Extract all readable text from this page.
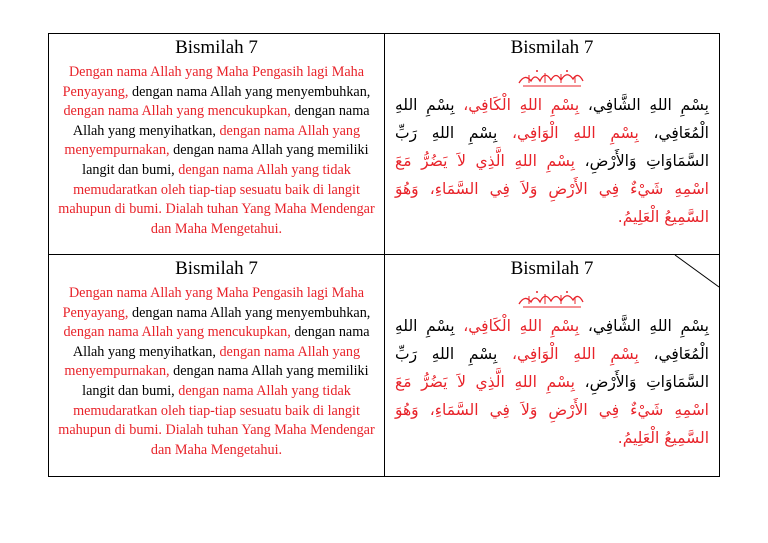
Bismilah 7
Dengan nama Allah yang Maha Pengasih lagi Maha Penyayang, dengan nama Allah yang menyembuhkan, dengan nama Allah yang mencukupkan, dengan nama Allah yang menyihatkan, dengan nama Allah yang menyempurnakan, dengan nama Allah yang memiliki langit dan bumi, dengan nama Allah yang tidak memudaratkan oleh tiap-tiap sesuatu baik di langit mahupun di bumi. Dialah tuhan Yang Maha Mendengar dan Maha Mengetahui.
Bismilah 7
بِسْمِ اللهِ الشَّافِي، بِسْمِ اللهِ الْكَافِي، بِسْمِ اللهِ الْمُعَافِي، بِسْمِ اللهِ الْوَافِي، بِسْمِ اللهِ رَبِّ السَّمَاوَاتِ وَالأَرْضِ، بِسْمِ اللهِ الَّذِي لاَ يَضُرُّ مَعَ اسْمِهِ شَيْءٌ فِي الأَرْضِ وَلاَ فِي السَّمَاءِ، وَهُوَ السَّمِيعُ الْعَلِيمُ.
Bismilah 7
Dengan nama Allah yang Maha Pengasih lagi Maha Penyayang, dengan nama Allah yang menyembuhkan, dengan nama Allah yang mencukupkan, dengan nama Allah yang menyihatkan, dengan nama Allah yang menyempurnakan, dengan nama Allah yang memiliki langit dan bumi, dengan nama Allah yang tidak memudaratkan oleh tiap-tiap sesuatu baik di langit mahupun di bumi. Dialah tuhan Yang Maha Mendengar dan Maha Mengetahui.
Bismilah 7
بِسْمِ اللهِ الشَّافِي، بِسْمِ اللهِ الْكَافِي، بِسْمِ اللهِ الْمُعَافِي، بِسْمِ اللهِ الْوَافِي، بِسْمِ اللهِ رَبِّ السَّمَاوَاتِ وَالأَرْضِ، بِسْمِ اللهِ الَّذِي لاَ يَضُرُّ مَعَ اسْمِهِ شَيْءٌ فِي الأَرْضِ وَلاَ فِي السَّمَاءِ، وَهُوَ السَّمِيعُ الْعَلِيمُ.
